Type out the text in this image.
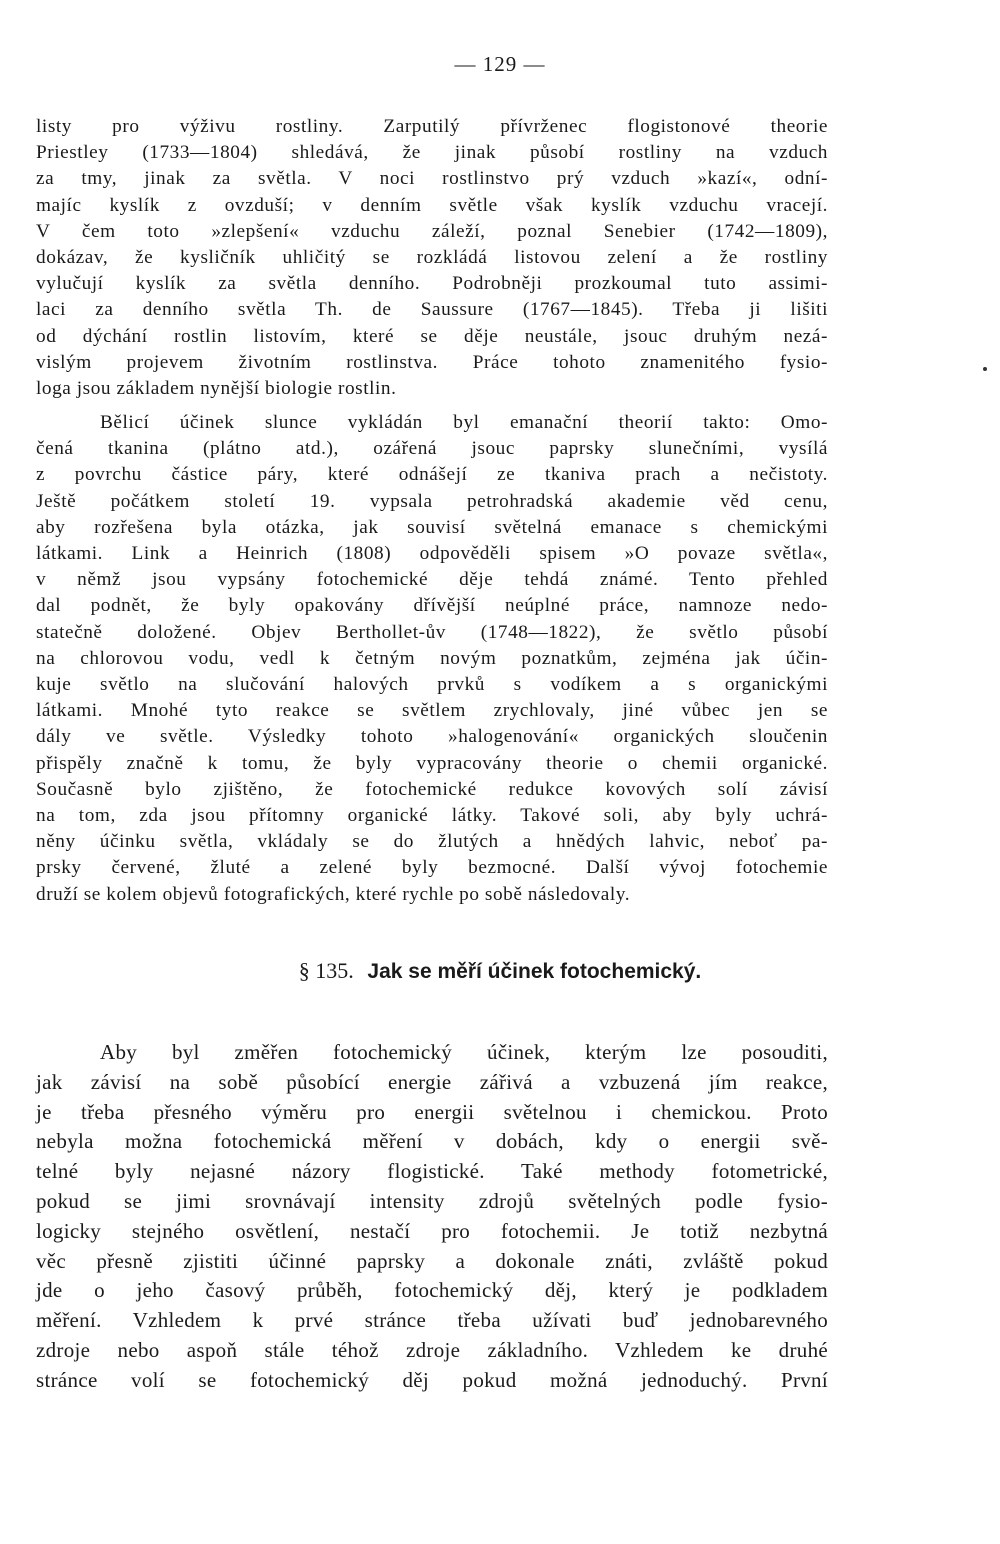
— 129 —
listy pro výživu rostliny. Zarputilý přívrženec flogistonové theorie
Priestley (1733—1804) shledává, že jinak působí rostliny na vzduch
za tmy, jinak za světla. V noci rostlinstvo prý vzduch »kazí«, odní-
majíc kyslík z ovzduší; v denním světle však kyslík vzduchu vracejí.
V čem toto »zlepšení« vzduchu záleží, poznal Senebier (1742—1809),
dokázav, že kysličník uhličitý se rozkládá listovou zelení a že rostliny
vylučují kyslík za světla denního. Podrobněji prozkoumal tuto assimi-
laci za denního světla Th. de Saussure (1767—1845). Třeba ji lišiti
od dýchání rostlin listovím, které se děje neustále, jsouc druhým nezá-
vislým projevem životním rostlinstva. Práce tohoto znamenitého fysio-
loga jsou základem nynější biologie rostlin.
Bělicí účinek slunce vykládán byl emanační theorií takto: Omo-
čená tkanina (plátno atd.), ozářená jsouc paprsky slunečními, vysílá
z povrchu částice páry, které odnášejí ze tkaniva prach a nečistoty.
Ještě počátkem století 19. vypsala petrohradská akademie věd cenu,
aby rozřešena byla otázka, jak souvisí světelná emanace s chemickými
látkami. Link a Heinrich (1808) odpověděli spisem »O povaze světla«,
v němž jsou vypsány fotochemické děje tehdá známé. Tento přehled
dal podnět, že byly opakovány dřívější neúplné práce, namnoze nedo-
statečně doložené. Objev Berthollet-ův (1748—1822), že světlo působí
na chlorovou vodu, vedl k četným novým poznatkům, zejména jak účin-
kuje světlo na slučování halových prvků s vodíkem a s organickými
látkami. Mnohé tyto reakce se světlem zrychlovaly, jiné vůbec jen se
dály ve světle. Výsledky tohoto »halogenování« organických sloučenin
přispěly značně k tomu, že byly vypracovány theorie o chemii organické.
Současně bylo zjištěno, že fotochemické redukce kovových solí závisí
na tom, zda jsou přítomny organické látky. Takové soli, aby byly uchrá-
něny účinku světla, vkládaly se do žlutých a hnědých lahvic, neboť pa-
prsky červené, žluté a zelené byly bezmocné. Další vývoj fotochemie
druží se kolem objevů fotografických, které rychle po sobě následovaly.
§ 135. Jak se měří účinek fotochemický.
Aby byl změřen fotochemický účinek, kterým lze posouditi,
jak závisí na sobě působící energie zářivá a vzbuzená jím reakce,
je třeba přesného výměru pro energii světelnou i chemickou. Proto
nebyla možna fotochemická měření v dobách, kdy o energii svě-
telné byly nejasné názory flogistické. Také methody fotometrické,
pokud se jimi srovnávají intensity zdrojů světelných podle fysio-
logicky stejného osvětlení, nestačí pro fotochemii. Je totiž nezbytná
věc přesně zjistiti účinné paprsky a dokonale znáti, zvláště pokud
jde o jeho časový průběh, fotochemický děj, který je podkladem
měření. Vzhledem k prvé stránce třeba užívati buď jednobarevného
zdroje nebo aspoň stále téhož zdroje základního. Vzhledem ke druhé
stránce volí se fotochemický děj pokud možná jednoduchý. První
